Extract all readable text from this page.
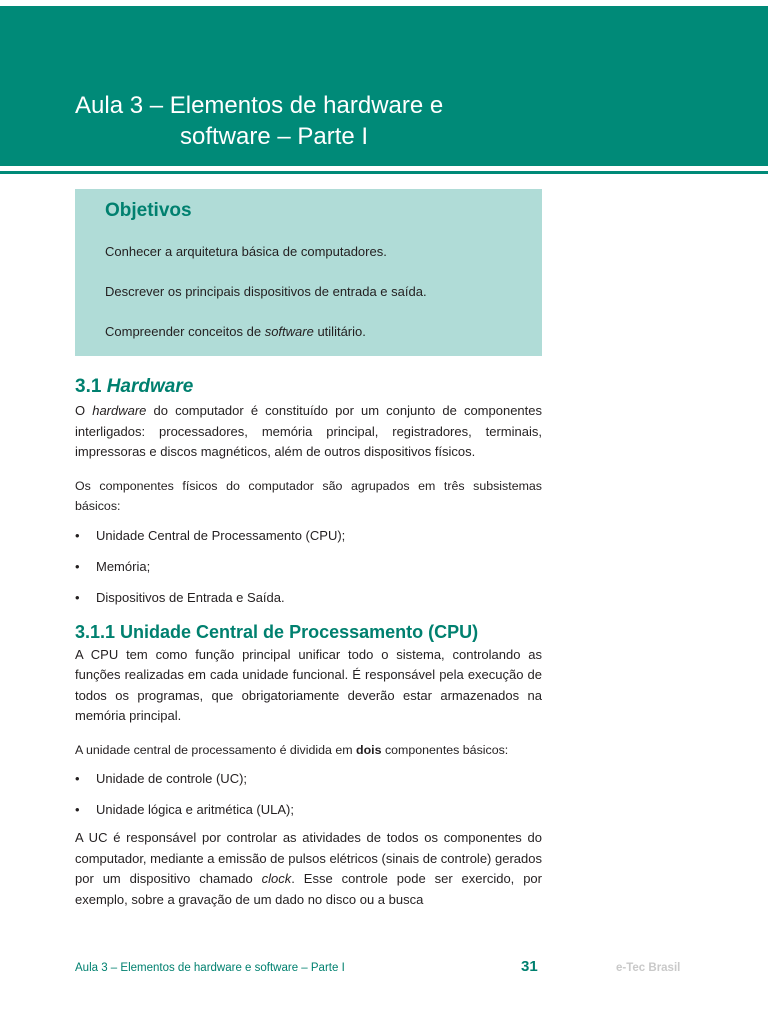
Aula 3 – Elementos de hardware e
software – Parte I
Objetivos

Conhecer a arquitetura básica de computadores.

Descrever os principais dispositivos de entrada e saída.

Compreender conceitos de software utilitário.

3.1 Hardware

O hardware do computador é constituído por um conjunto de componentes interligados: processadores, memória principal, registradores, terminais, impressoras e discos magnéticos, além de outros dispositivos físicos.

Os componentes físicos do computador são agrupados em três subsistemas básicos:

• Unidade Central de Processamento (CPU);
• Memória;
• Dispositivos de Entrada e Saída.
3.1.1 Unidade Central de Processamento (CPU)

A CPU tem como função principal unificar todo o sistema, controlando as funções realizadas em cada unidade funcional. É responsável pela execução de todos os programas, que obrigatoriamente deverão estar armazenados na memória principal.

A unidade central de processamento é dividida em dois componentes básicos:

• Unidade de controle (UC);
• Unidade lógica e aritmética (ULA);

A UC é responsável por controlar as atividades de todos os componentes do computador, mediante a emissão de pulsos elétricos (sinais de controle) gerados por um dispositivo chamado clock. Esse controle pode ser exercido, por exemplo, sobre a gravação de um dado no disco ou a busca

Aula 3 – Elementos de hardware e software – Parte I	31	e-Tec Brasil
